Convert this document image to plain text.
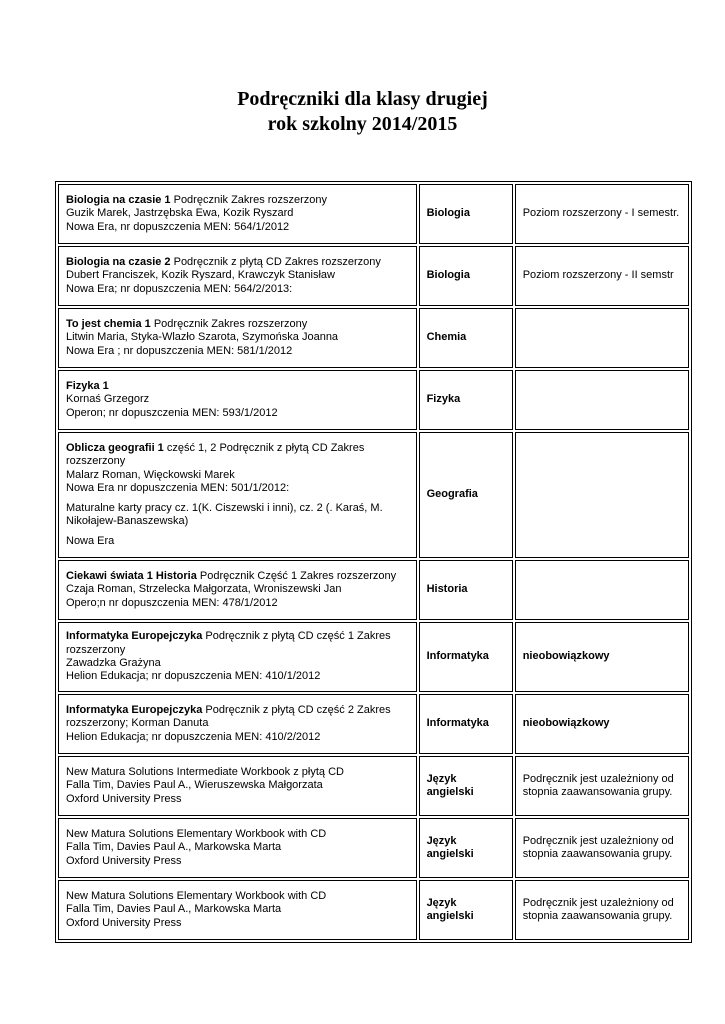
Podręczniki dla klasy drugiej
rok szkolny 2014/2015
Biologia na czasie 1 Podręcznik Zakres rozszerzony
Guzik Marek, Jastrzębska Ewa, Kozik Ryszard
Nowa Era, nr dopuszczenia MEN: 564/1/2012	Biologia	Poziom rozszerzony - I semestr.
Biologia na czasie 2 Podręcznik z płytą CD Zakres rozszerzony
Dubert Franciszek, Kozik Ryszard, Krawczyk Stanisław
Nowa Era; nr dopuszczenia MEN: 564/2/2013:	Biologia	Poziom rozszerzony - II semstr
To jest chemia 1 Podręcznik Zakres rozszerzony
Litwin Maria, Styka-Wlazło Szarota, Szymońska Joanna
Nowa Era ; nr dopuszczenia MEN: 581/1/2012	Chemia	
Fizyka 1
Kornaś Grzegorz
Operon; nr dopuszczenia MEN: 593/1/2012	Fizyka	
Oblicza geografii 1 część 1, 2 Podręcznik z płytą CD Zakres rozszerzony
Malarz Roman, Więckowski Marek
Nowa Era nr dopuszczenia MEN: 501/1/2012:
Maturalne karty pracy cz. 1(K. Ciszewski i inni), cz. 2 (. Karaś, M. Nikołajew-Banaszewska)
Nowa Era	Geografia	
Ciekawi świata 1 Historia Podręcznik Część 1 Zakres rozszerzony
Czaja Roman, Strzelecka Małgorzata, Wroniszewski Jan
Opero;n nr dopuszczenia MEN: 478/1/2012	Historia	
Informatyka Europejczyka Podręcznik z płytą CD część 1 Zakres rozszerzony
Zawadzka Grażyna
Helion Edukacja; nr dopuszczenia MEN: 410/1/2012	Informatyka	nieobowiązkowy
Informatyka Europejczyka Podręcznik z płytą CD część 2 Zakres rozszerzony; Korman Danuta
Helion Edukacja; nr dopuszczenia MEN: 410/2/2012	Informatyka	nieobowiązkowy
New Matura Solutions Intermediate Workbook z płytą CD
Falla Tim, Davies Paul A., Wieruszewska Małgorzata
Oxford University Press	Język angielski	Podręcznik jest uzależniony od stopnia zaawansowania grupy.
New Matura Solutions Elementary Workbook with CD
Falla Tim, Davies Paul A., Markowska Marta
Oxford University Press	Język angielski	Podręcznik jest uzależniony od stopnia zaawansowania grupy.
New Matura Solutions Elementary Workbook with CD
Falla Tim, Davies Paul A., Markowska Marta
Oxford University Press	Język angielski	Podręcznik jest uzależniony od stopnia zaawansowania grupy.
